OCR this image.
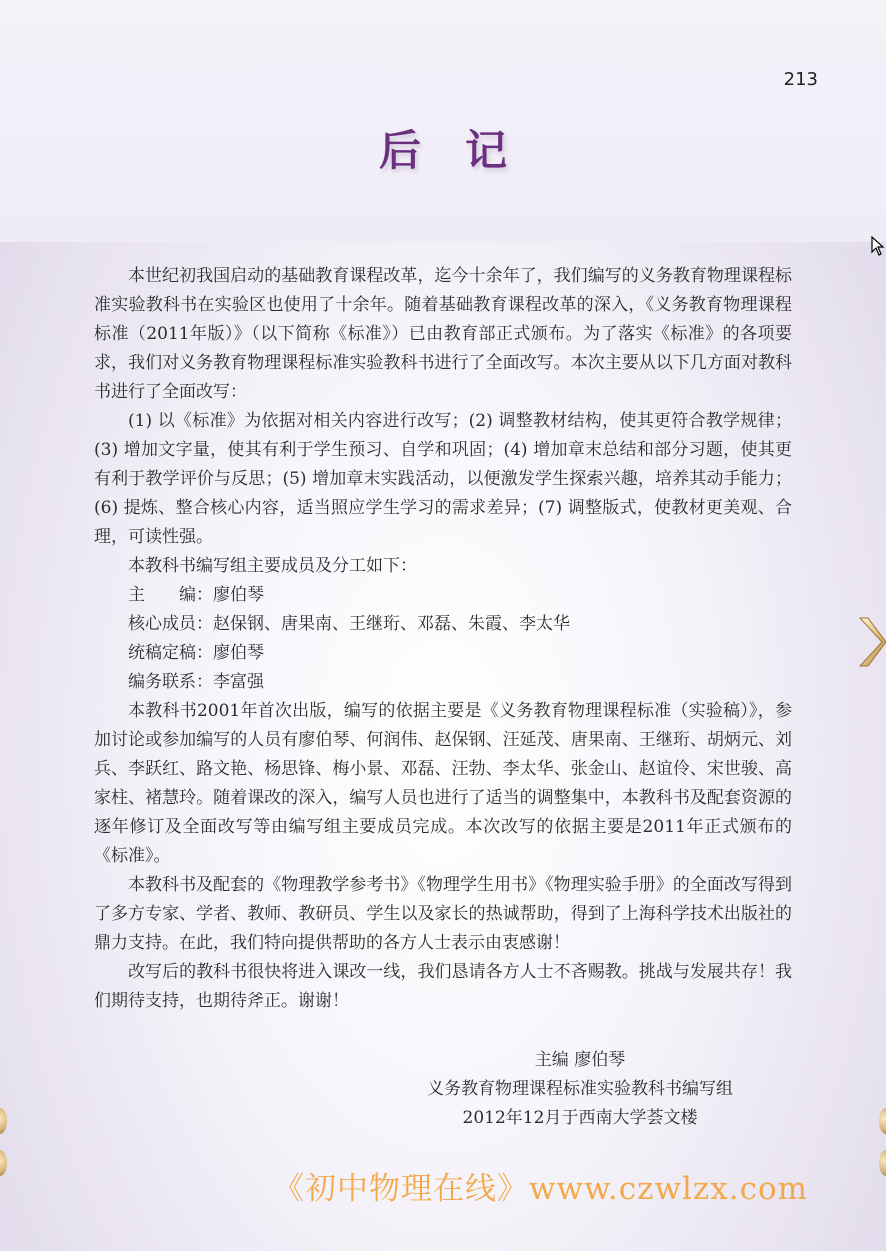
213
后记

本世纪初我国启动的基础教育课程改革，迄今十余年了，我们编写的义务教育物理课程标准实验教科书在实验区也使用了十余年。随着基础教育课程改革的深入，《义务教育物理课程标准（2011年版）》（以下简称《标准》）已由教育部正式颁布。为了落实《标准》的各项要求，我们对义务教育物理课程标准实验教科书进行了全面改写。本次主要从以下几方面对教科书进行了全面改写：

(1) 以《标准》为依据对相关内容进行改写；(2) 调整教材结构，使其更符合教学规律；(3) 增加文字量，使其有利于学生预习、自学和巩固；(4) 增加章末总结和部分习题，使其更有利于教学评价与反思；(5) 增加章末实践活动，以便激发学生探索兴趣，培养其动手能力；(6) 提炼、整合核心内容，适当照应学生学习的需求差异；(7) 调整版式，使教材更美观、合理，可读性强。

本教科书编写组主要成员及分工如下：

主　　编：廖伯琴

核心成员：赵保钢、唐果南、王继珩、邓磊、朱霞、李太华

统稿定稿：廖伯琴

编务联系：李富强

本教科书2001年首次出版，编写的依据主要是《义务教育物理课程标准（实验稿）》，参加讨论或参加编写的人员有廖伯琴、何润伟、赵保钢、汪延茂、唐果南、王继珩、胡炳元、刘兵、李跃红、路文艳、杨思锋、梅小景、邓磊、汪勃、李太华、张金山、赵谊伶、宋世骏、高家柱、褚慧玲。随着课改的深入，编写人员也进行了适当的调整集中，本教科书及配套资源的逐年修订及全面改写等由编写组主要成员完成。本次改写的依据主要是2011年正式颁布的《标准》。

本教科书及配套的《物理教学参考书》《物理学生用书》《物理实验手册》的全面改写得到了多方专家、学者、教师、教研员、学生以及家长的热诚帮助，得到了上海科学技术出版社的鼎力支持。在此，我们特向提供帮助的各方人士表示由衷感谢！

改写后的教科书很快将进入课改一线，我们恳请各方人士不吝赐教。挑战与发展共存！我们期待支持，也期待斧正。谢谢！

主编 廖伯琴
义务教育物理课程标准实验教科书编写组
2012年12月于西南大学荟文楼
《初中物理在线》www.czwlzx.com
